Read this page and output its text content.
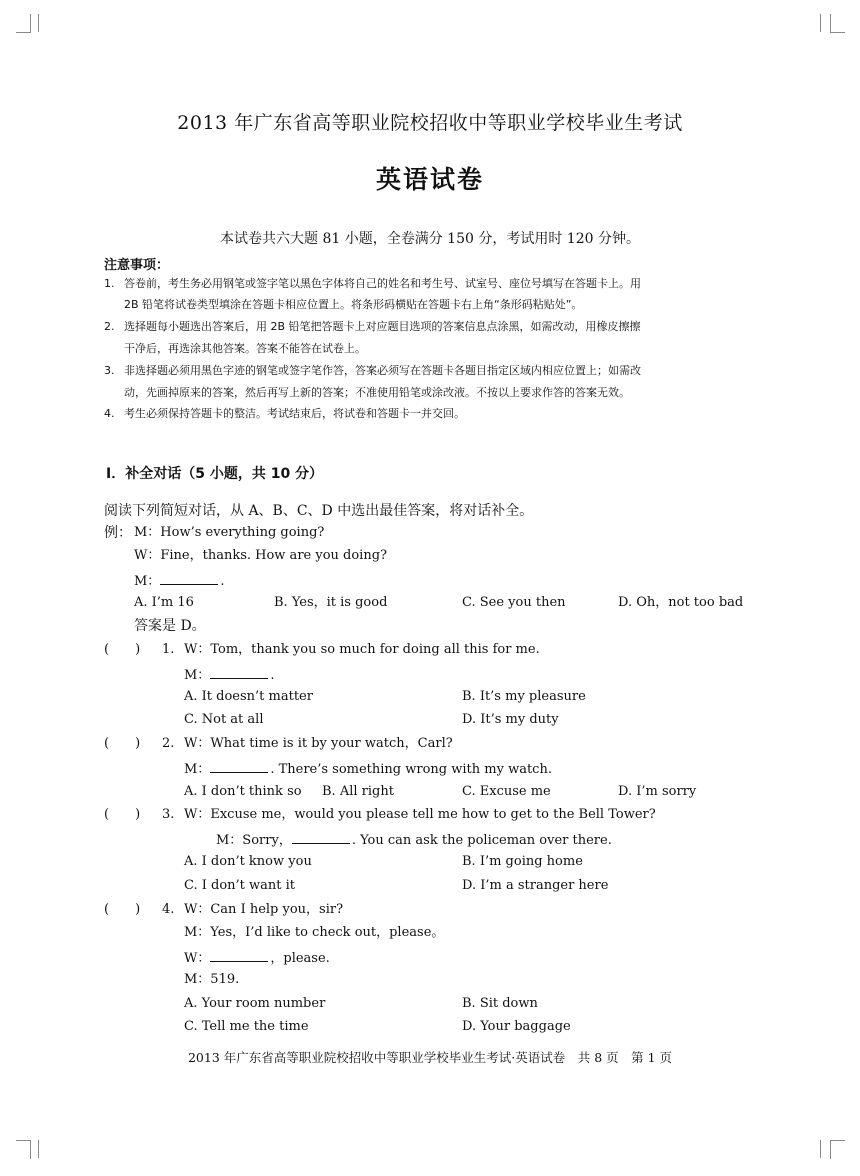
2013 年广东省高等职业院校招收中等职业学校毕业生考试
英语试卷
本试卷共六大题 81 小题，全卷满分 150 分，考试用时 120 分钟。
注意事项：
1. 答卷前，考生务必用钢笔或签字笔以黑色字体将自己的姓名和考生号、试室号、座位号填写在答题卡上。用
2B 铅笔将试卷类型填涂在答题卡相应位置上。将条形码横贴在答题卡右上角“条形码粘贴处”。
2. 选择题每小题选出答案后，用 2B 铅笔把答题卡上对应题目选项的答案信息点涂黑，如需改动，用橡皮擦擦
干净后，再选涂其他答案。答案不能答在试卷上。
3. 非选择题必须用黑色字迹的钢笔或签字笔作答，答案必须写在答题卡各题目指定区域内相应位置上；如需改
动，先画掉原来的答案，然后再写上新的答案；不准使用铅笔或涂改液。不按以上要求作答的答案无效。
4. 考生必须保持答题卡的整洁。考试结束后，将试卷和答题卡一并交回。
Ⅰ．补全对话（5 小题，共 10 分）
阅读下列简短对话，从 A、B、C、D 中选出最佳答案，将对话补全。
例： M：How’s everything going?
W：Fine，thanks. How are you doing?
M：	.
A. I’m 16	B. Yes，it is good	C. See you then	D. Oh，not too bad
答案是 D。
(　　) 1. W：Tom，thank you so much for doing all this for me.
M：	.
A. It doesn’t matter	B. It’s my pleasure
C. Not at all	D. It’s my duty
(　　) 2. W：What time is it by your watch，Carl?
M：	. There’s something wrong with my watch.
A. I don’t think so B. All right	C. Excuse me	D. I’m sorry
(　　) 3. W：Excuse me，would you please tell me how to get to the Bell Tower?
M：Sorry，	. You can ask the policeman over there.
A. I don’t know you	B. I’m going home
C. I don’t want it	D. I’m a stranger here
(　　) 4. W：Can I help you，sir?
M：Yes，I’d like to check out，please。
W：	，please.
M：519.
A. Your room number	B. Sit down
C. Tell me the time	D. Your baggage
2013 年广东省高等职业院校招收中等职业学校毕业生考试·英语试卷　共 8 页　第 1 页
